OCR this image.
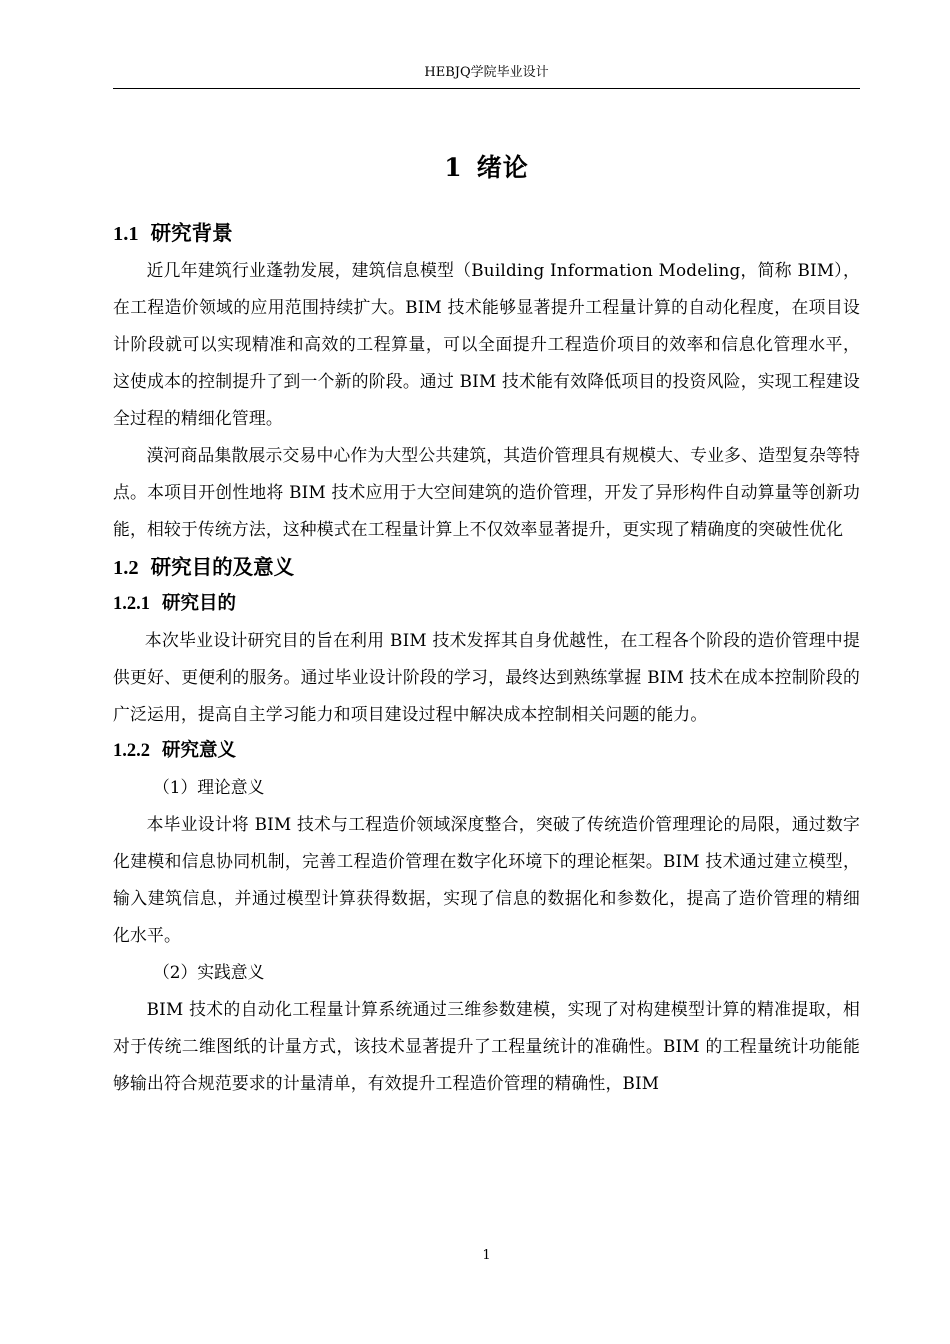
HEBJQ学院毕业设计
1 绪论
1.1 研究背景

近几年建筑行业蓬勃发展，建筑信息模型（Building Information Modeling，简称 BIM），在工程造价领域的应用范围持续扩大。BIM 技术能够显著提升工程量计算的自动化程度，在项目设计阶段就可以实现精准和高效的工程算量，可以全面提升工程造价项目的效率和信息化管理水平，这使成本的控制提升了到一个新的阶段。通过 BIM 技术能有效降低项目的投资风险，实现工程建设全过程的精细化管理。

漠河商品集散展示交易中心作为大型公共建筑，其造价管理具有规模大、专业多、造型复杂等特点。本项目开创性地将 BIM 技术应用于大空间建筑的造价管理，开发了异形构件自动算量等创新功能，相较于传统方法，这种模式在工程量计算上不仅效率显著提升，更实现了精确度的突破性优化

1.2 研究目的及意义
1.2.1 研究目的

本次毕业设计研究目的旨在利用 BIM 技术发挥其自身优越性，在工程各个阶段的造价管理中提供更好、更便利的服务。通过毕业设计阶段的学习，最终达到熟练掌握 BIM 技术在成本控制阶段的广泛运用，提高自主学习能力和项目建设过程中解决成本控制相关问题的能力。

1.2.2 研究意义

（1）理论意义

本毕业设计将 BIM 技术与工程造价领域深度整合，突破了传统造价管理理论的局限，通过数字化建模和信息协同机制，完善工程造价管理在数字化环境下的理论框架。BIM 技术通过建立模型，输入建筑信息，并通过模型计算获得数据，实现了信息的数据化和参数化，提高了造价管理的精细化水平。

（2）实践意义

BIM 技术的自动化工程量计算系统通过三维参数建模，实现了对构建模型计算的精准提取，相对于传统二维图纸的计量方式，该技术显著提升了工程量统计的准确性。BIM 的工程量统计功能能够输出符合规范要求的计量清单，有效提升工程造价管理的精确性，BIM

1
